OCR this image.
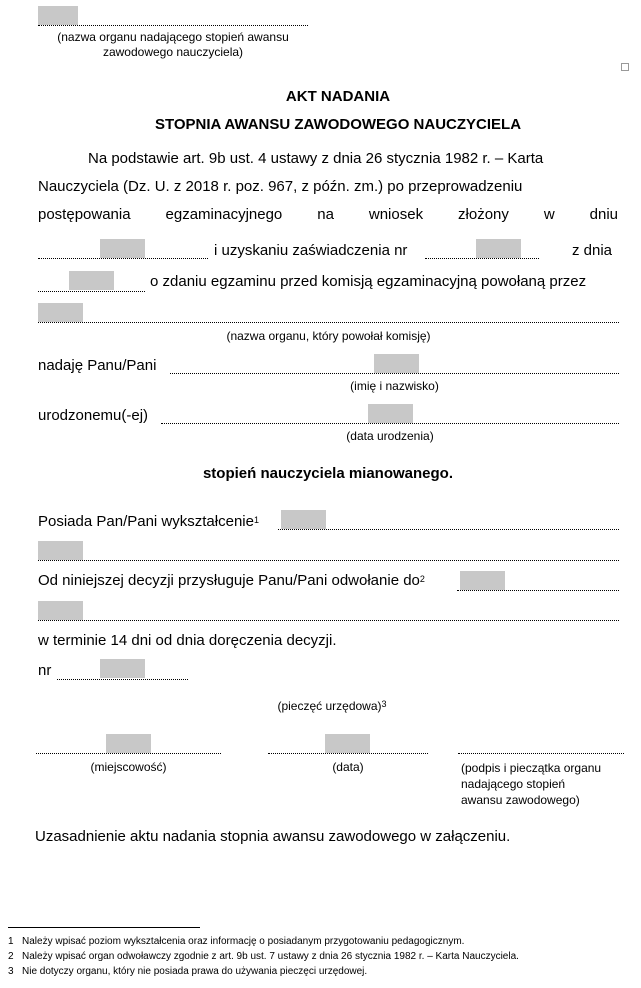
(nazwa organu nadającego stopień awansu
zawodowego nauczyciela)
AKT NADANIA
STOPNIA AWANSU ZAWODOWEGO NAUCZYCIELA
Na podstawie art. 9b ust. 4 ustawy z dnia 26 stycznia 1982 r. – Karta
Nauczyciela (Dz. U. z 2018 r. poz. 967, z późn. zm.) po przeprowadzeniu
postępowania egzaminacyjnego na wniosek złożony w dniu
i uzyskaniu zaświadczenia nr	z dnia
o zdaniu egzaminu przed komisją egzaminacyjną powołaną przez
(nazwa organu, który powołał komisję)
nadaję Panu/Pani
(imię i nazwisko)
urodzonemu(-ej)
(data urodzenia)
stopień nauczyciela mianowanego.
Posiada Pan/Pani wykształcenie$^1$
Od niniejszej decyzji przysługuje Panu/Pani odwołanie $do^2$
w terminie 14 dni od dnia doręczenia decyzji.
nr
(pieczęć urzędowa)$^3$
(miejscowość)	(data)	(podpis i pieczątka organu
nadającego stopień
awansu zawodowego)
Uzasadnienie aktu nadania stopnia awansu zawodowego w załączeniu.
1 Należy wpisać poziom wykształcenia oraz informację o posiadanym przygotowaniu pedagogicznym.
2 Należy wpisać organ odwoławczy zgodnie z art. 9b ust. 7 ustawy z dnia 26 stycznia 1982 r. – Karta Nauczyciela.
3 Nie dotyczy organu, który nie posiada prawa do używania pieczęci urzędowej.
